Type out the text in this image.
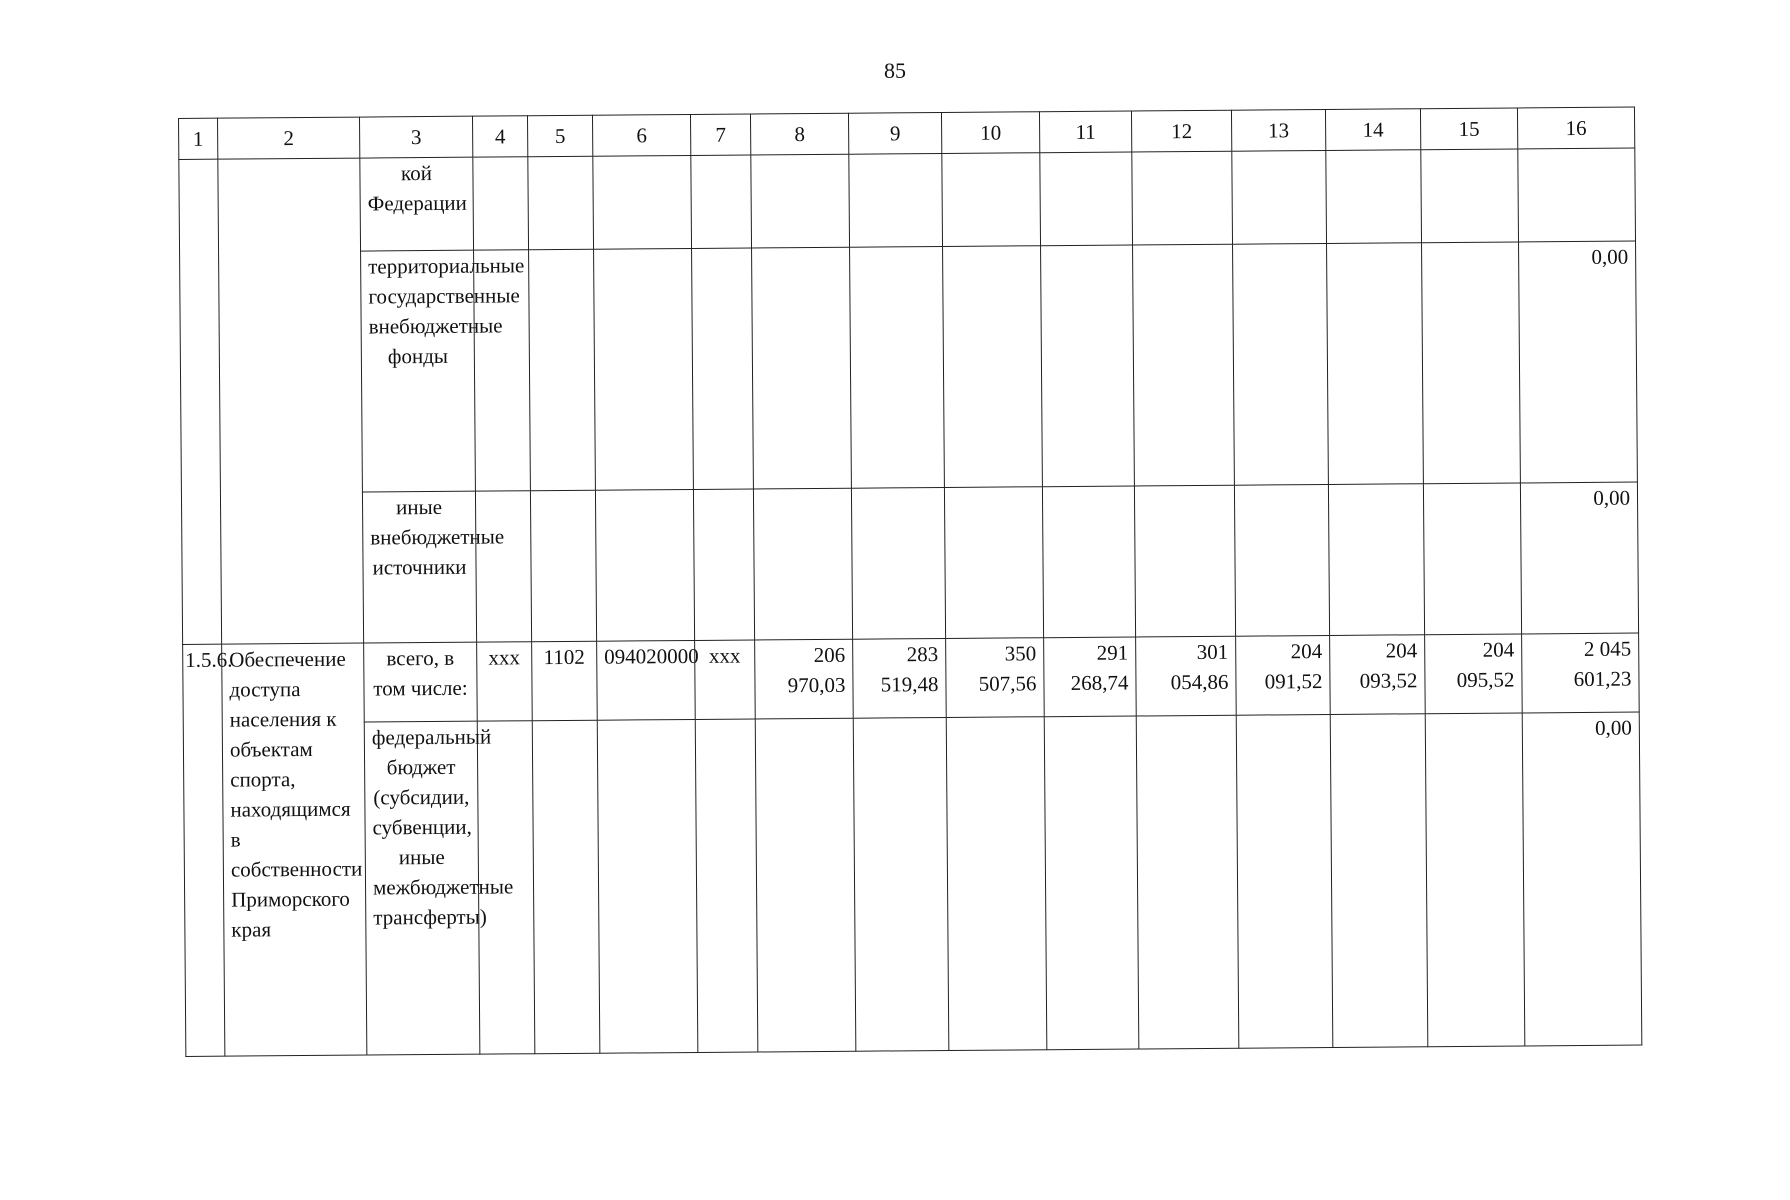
85
1	2	3	4	5	6	7	8	9	10	11	12	13	14	15	16
		кой Федерации													
		территориальные государственные внебюджетные фонды													0,00
		иные внебюджетные источники													0,00
1.5.6.	Обеспечение доступа населения к объектам спорта, находящимся в собственности Приморского края	всего, в том числе:	xxx	1102	094020000	xxx	206 970,03	283 519,48	350 507,56	291 268,74	301 054,86	204 091,52	204 093,52	204 095,52	2 045 601,23
		федеральный бюджет (субсидии, субвенции, иные межбюджетные трансферты)													0,00
